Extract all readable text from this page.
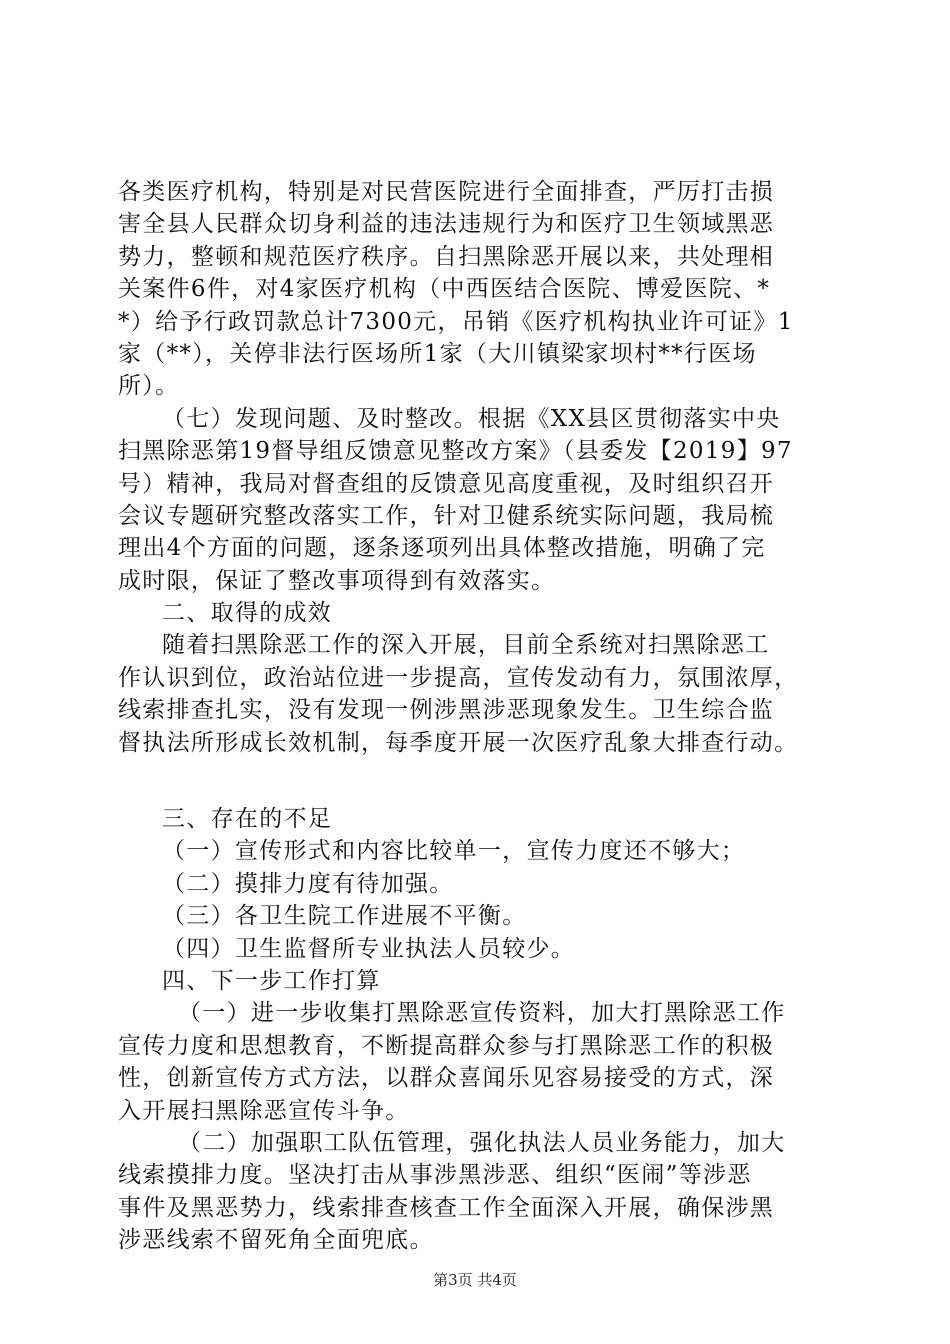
各类医疗机构，特别是对民营医院进行全面排查，严厉打击损
害全县人民群众切身利益的违法违规行为和医疗卫生领域黑恶
势力，整顿和规范医疗秩序。自扫黑除恶开展以来，共处理相
关案件6件，对4家医疗机构（中西医结合医院、博爱医院、*
*）给予行政罚款总计7300元，吊销《医疗机构执业许可证》1
家（**），关停非法行医场所1家（大川镇梁家坝村**行医场
所）。
（七）发现问题、及时整改。根据《XX县区贯彻落实中央
扫黑除恶第19督导组反馈意见整改方案》（县委发【2019】97
号）精神，我局对督查组的反馈意见高度重视，及时组织召开
会议专题研究整改落实工作，针对卫健系统实际问题，我局梳
理出4个方面的问题，逐条逐项列出具体整改措施，明确了完
成时限，保证了整改事项得到有效落实。
二、取得的成效
随着扫黑除恶工作的深入开展，目前全系统对扫黑除恶工
作认识到位，政治站位进一步提高，宣传发动有力，氛围浓厚，
线索排查扎实，没有发现一例涉黑涉恶现象发生。卫生综合监
督执法所形成长效机制，每季度开展一次医疗乱象大排查行动。
三、存在的不足
（一）宣传形式和内容比较单一，宣传力度还不够大；
（二）摸排力度有待加强。
（三）各卫生院工作进展不平衡。
（四）卫生监督所专业执法人员较少。
四、下一步工作打算
（一）进一步收集打黑除恶宣传资料，加大打黑除恶工作
宣传力度和思想教育，不断提高群众参与打黑除恶工作的积极
性，创新宣传方式方法，以群众喜闻乐见容易接受的方式，深
入开展扫黑除恶宣传斗争。
（二）加强职工队伍管理，强化执法人员业务能力，加大
线索摸排力度。坚决打击从事涉黑涉恶、组织“医闹”等涉恶
事件及黑恶势力，线索排查核查工作全面深入开展，确保涉黑
涉恶线索不留死角全面兜底。
第3页 共4页
